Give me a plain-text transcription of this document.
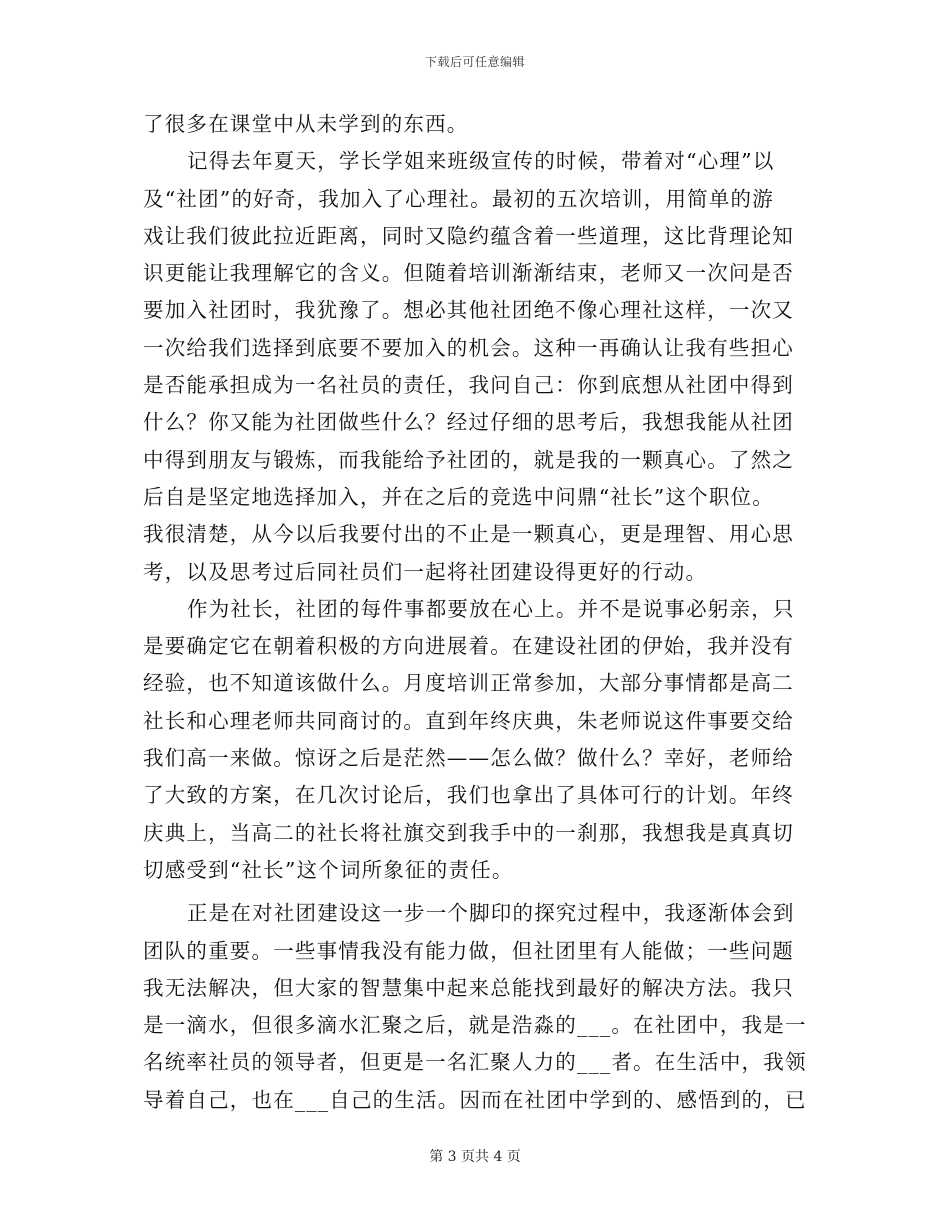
下载后可任意编辑
了很多在课堂中从未学到的东西。
记得去年夏天，学长学姐来班级宣传的时候，带着对“心理”以
及“社团”的好奇，我加入了心理社。最初的五次培训，用简单的游
戏让我们彼此拉近距离，同时又隐约蕴含着一些道理，这比背理论知
识更能让我理解它的含义。但随着培训渐渐结束，老师又一次问是否
要加入社团时，我犹豫了。想必其他社团绝不像心理社这样，一次又
一次给我们选择到底要不要加入的机会。这种一再确认让我有些担心
是否能承担成为一名社员的责任，我问自己：你到底想从社团中得到
什么？你又能为社团做些什么？经过仔细的思考后，我想我能从社团
中得到朋友与锻炼，而我能给予社团的，就是我的一颗真心。了然之
后自是坚定地选择加入，并在之后的竞选中问鼎“社长”这个职位。
我很清楚，从今以后我要付出的不止是一颗真心，更是理智、用心思
考，以及思考过后同社员们一起将社团建设得更好的行动。
作为社长，社团的每件事都要放在心上。并不是说事必躬亲，只
是要确定它在朝着积极的方向进展着。在建设社团的伊始，我并没有
经验，也不知道该做什么。月度培训正常参加，大部分事情都是高二
社长和心理老师共同商讨的。直到年终庆典，朱老师说这件事要交给
我们高一来做。惊讶之后是茫然——怎么做？做什么？幸好，老师给
了大致的方案，在几次讨论后，我们也拿出了具体可行的计划。年终
庆典上，当高二的社长将社旗交到我手中的一刹那，我想我是真真切
切感受到“社长”这个词所象征的责任。
正是在对社团建设这一步一个脚印的探究过程中，我逐渐体会到
团队的重要。一些事情我没有能力做，但社团里有人能做；一些问题
我无法解决，但大家的智慧集中起来总能找到最好的解决方法。我只
是一滴水，但很多滴水汇聚之后，就是浩淼的___。在社团中，我是一
名统率社员的领导者，但更是一名汇聚人力的___者。在生活中，我领
导着自己，也在___自己的生活。因而在社团中学到的、感悟到的，已
第 3 页共 4 页
